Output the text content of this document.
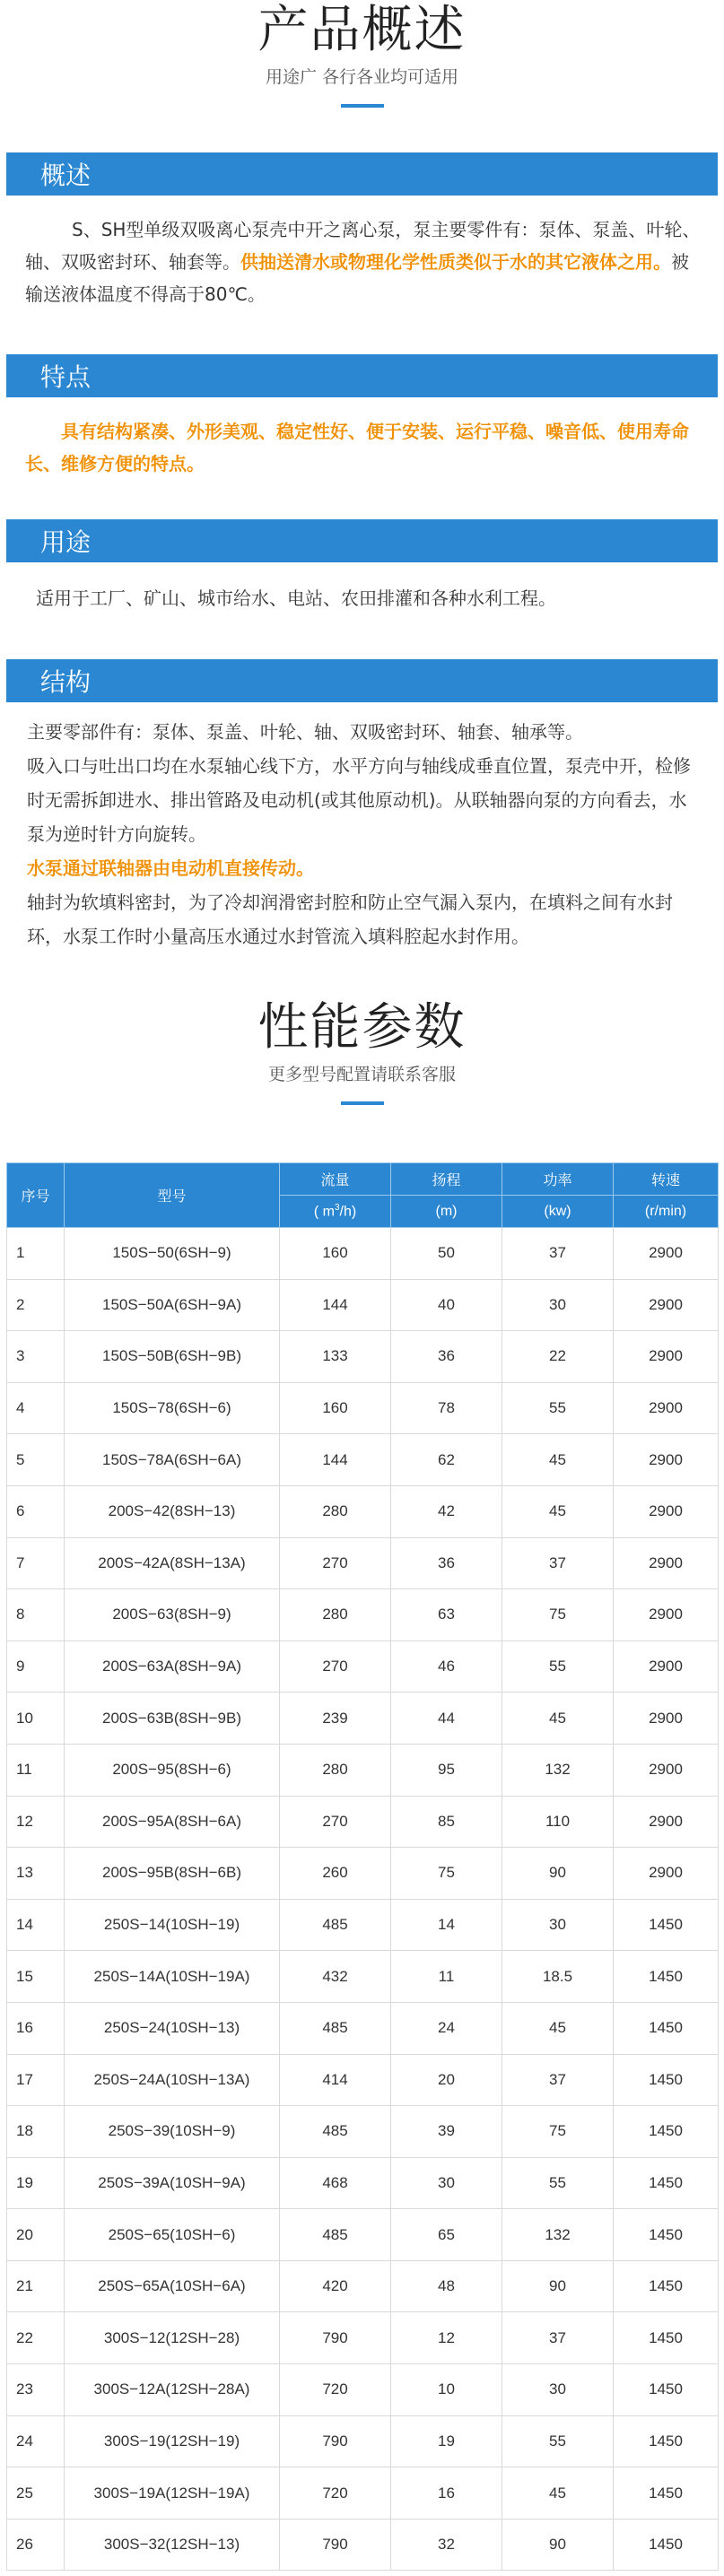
产品概述
用途广 各行各业均可适用
概述
S、SH型单级双吸离心泵壳中开之离心泵，泵主要零件有：泵体、泵盖、叶轮、轴、双吸密封环、轴套等。供抽送清水或物理化学性质类似于水的其它液体之用。被输送液体温度不得高于80℃。
特点
具有结构紧凑、外形美观、稳定性好、便于安装、运行平稳、噪音低、使用寿命长、维修方便的特点。
用途
适用于工厂、矿山、城市给水、电站、农田排灌和各种水利工程。
结构
主要零部件有：泵体、泵盖、叶轮、轴、双吸密封环、轴套、轴承等。
吸入口与吐出口均在水泵轴心线下方，水平方向与轴线成垂直位置，泵壳中开，检修时无需拆卸进水、排出管路及电动机(或其他原动机)。从联轴器向泵的方向看去，水泵为逆时针方向旋转。
水泵通过联轴器由电动机直接传动。
轴封为软填料密封，为了冷却润滑密封腔和防止空气漏入泵内，在填料之间有水封环，水泵工作时小量高压水通过水封管流入填料腔起水封作用。
性能参数
更多型号配置请联系客服
序号	型号	流量	扬程	功率	转速
		( $m^3/h$)	(m)	(kw)	(r/min)
1	150S−50(6SH−9)	160	50	37	2900
2	150S−50A(6SH−9A)	144	40	30	2900
3	150S−50B(6SH−9B)	133	36	22	2900
4	150S−78(6SH−6)	160	78	55	2900
5	150S−78A(6SH−6A)	144	62	45	2900
6	200S−42(8SH−13)	280	42	45	2900
7	200S−42A(8SH−13A)	270	36	37	2900
8	200S−63(8SH−9)	280	63	75	2900
9	200S−63A(8SH−9A)	270	46	55	2900
10	200S−63B(8SH−9B)	239	44	45	2900
11	200S−95(8SH−6)	280	95	132	2900
12	200S−95A(8SH−6A)	270	85	110	2900
13	200S−95B(8SH−6B)	260	75	90	2900
14	250S−14(10SH−19)	485	14	30	1450
15	250S−14A(10SH−19A)	432	11	18.5	1450
16	250S−24(10SH−13)	485	24	45	1450
17	250S−24A(10SH−13A)	414	20	37	1450
18	250S−39(10SH−9)	485	39	75	1450
19	250S−39A(10SH−9A)	468	30	55	1450
20	250S−65(10SH−6)	485	65	132	1450
21	250S−65A(10SH−6A)	420	48	90	1450
22	300S−12(12SH−28)	790	12	37	1450
23	300S−12A(12SH−28A)	720	10	30	1450
24	300S−19(12SH−19)	790	19	55	1450
25	300S−19A(12SH−19A)	720	16	45	1450
26	300S−32(12SH−13)	790	32	90	1450
